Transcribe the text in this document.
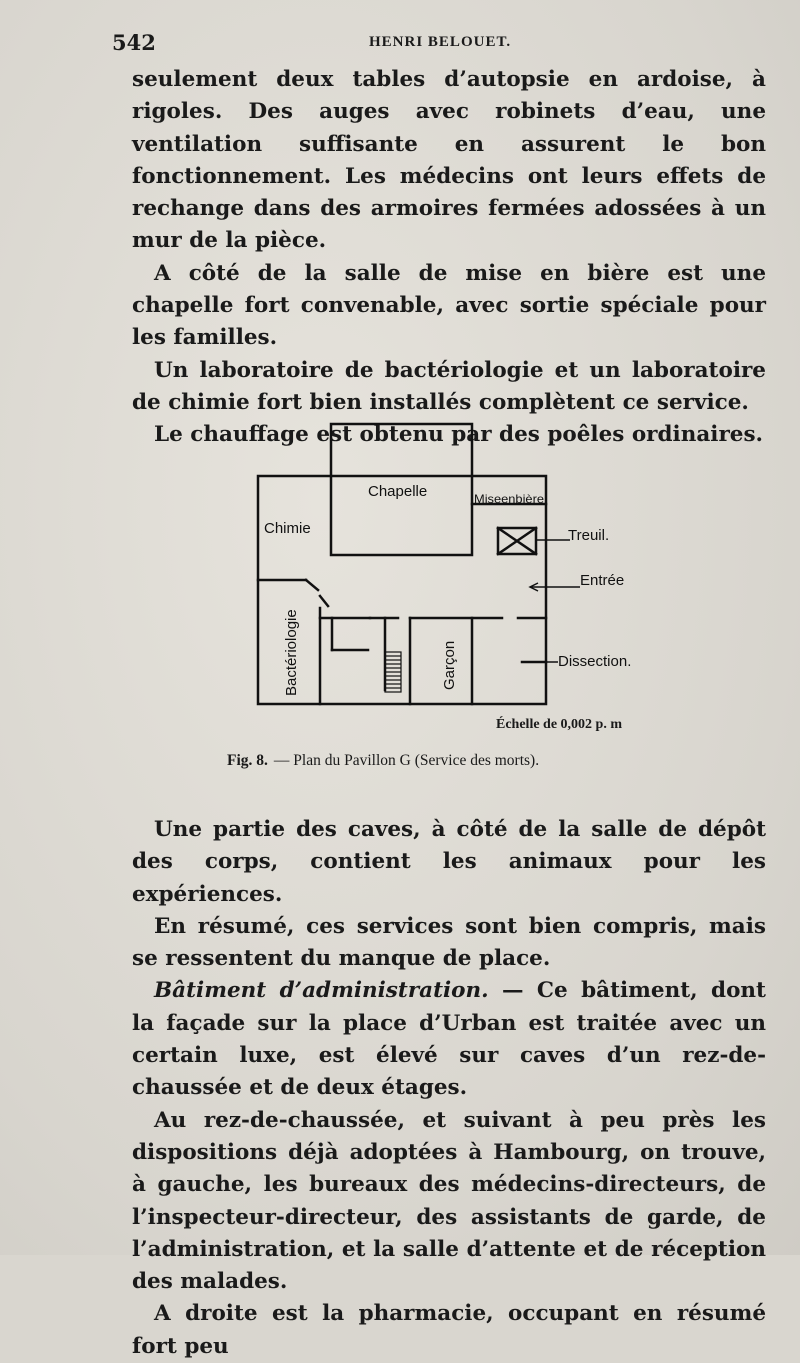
542	HENRI BELOUET.

seulement deux tables d’autopsie en ardoise, à rigoles. Des auges avec robinets d’eau, une ventilation suffisante en assurent le bon fonctionnement. Les médecins ont leurs effets de rechange dans des armoires fermées adossées à un mur de la pièce.

A côté de la salle de mise en bière est une chapelle fort convenable, avec sortie spéciale pour les familles.

Un laboratoire de bactériologie et un laboratoire de chimie fort bien installés complètent ce service.

Le chauffage est obtenu par des poêles ordinaires.

Chapelle	Miseenbière
Chimie	Treuil.
Entrée
Dissection.
Bactériologie	Garçon
Échelle de 0,002 p. m
Fig. 8. — Plan du Pavillon G (Service des morts).

Une partie des caves, à côté de la salle de dépôt des corps, contient les animaux pour les expériences.

En résumé, ces services sont bien compris, mais se ressentent du manque de place.

Bâtiment d’administration. — Ce bâtiment, dont la façade sur la place d’Urban est traitée avec un certain luxe, est élevé sur caves d’un rez-de-chaussée et de deux étages.

Au rez-de-chaussée, et suivant à peu près les dispositions déjà adoptées à Hambourg, on trouve, à gauche, les bureaux des médecins-directeurs, de l’inspecteur-directeur, des assistants de garde, de l’administration, et la salle d’attente et de réception des malades.

A droite est la pharmacie, occupant en résumé fort peu
